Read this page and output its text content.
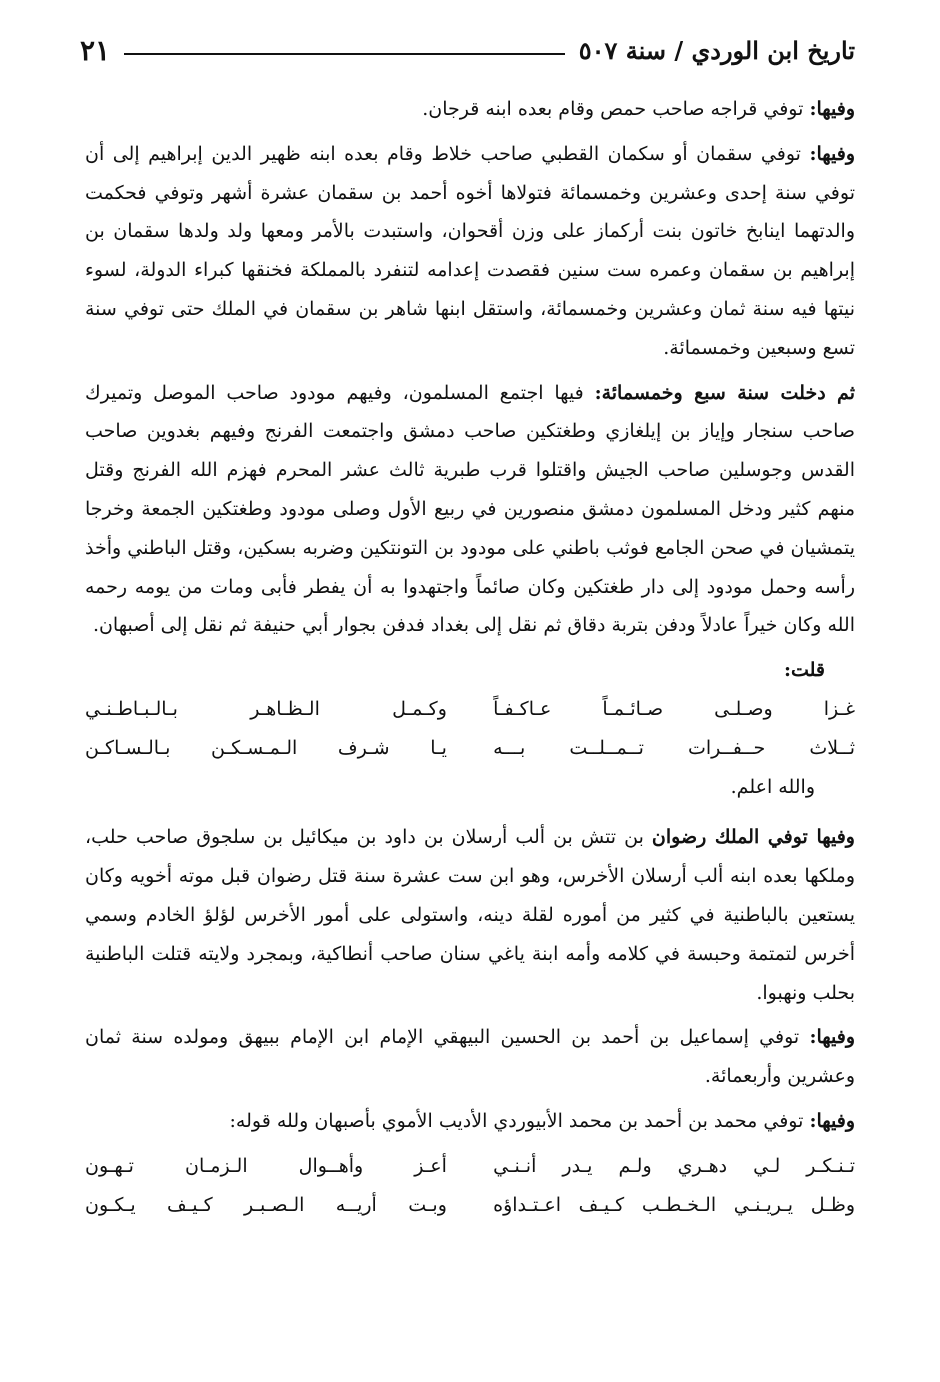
تاريخ ابن الوردي / سنة ٥٠٧
٢١

وفيها: توفي قراجه صاحب حمص وقام بعده ابنه قرجان.

وفيها: توفي سقمان أو سكمان القطبي صاحب خلاط وقام بعده ابنه ظهير الدين إبراهيم إلى أن توفي سنة إحدى وعشرين وخمسمائة فتولاها أخوه أحمد بن سقمان عشرة أشهر وتوفي فحكمت والدتهما اينابخ خاتون بنت أركماز على وزن أقحوان، واستبدت بالأمر ومعها ولد ولدها سقمان بن إبراهيم بن سقمان وعمره ست سنين فقصدت إعدامه لتنفرد بالمملكة فخنقها كبراء الدولة، لسوء نيتها فيه سنة ثمان وعشرين وخمسمائة، واستقل ابنها شاهر بن سقمان في الملك حتى توفي سنة تسع وسبعين وخمسمائة.

ثم دخلت سنة سبع وخمسمائة: فيها اجتمع المسلمون، وفيهم مودود صاحب الموصل وتميرك صاحب سنجار وإياز بن إيلغازي وطغتكين صاحب دمشق واجتمعت الفرنج وفيهم بغدوين صاحب القدس وجوسلين صاحب الجيش واقتلوا قرب طبرية ثالث عشر المحرم فهزم الله الفرنج وقتل منهم كثير ودخل المسلمون دمشق منصورين في ربيع الأول وصلى مودود وطغتكين الجمعة وخرجا يتمشيان في صحن الجامع فوثب باطني على مودود بن التونتكين وضربه بسكين، وقتل الباطني وأخذ رأسه وحمل مودود إلى دار طغتكين وكان صائماً واجتهدوا به أن يفطر فأبى ومات من يومه رحمه الله وكان خيراً عادلاً ودفن بتربة دقاق ثم نقل إلى بغداد فدفن بجوار أبي حنيفة ثم نقل إلى أصبهان.

قلت:

غـزا وصـلـى صـائـمـاً عـاكـفـاً
وكـمـل الـظـاهـر بـالـبـاطـنـي
ثــلاث حــفــرات تــمــلــت بـــه
يـا شـرف الـمـسـكـن بـالـسـاكـن

والله اعلم.

وفيها توفي الملك رضوان بن تتش بن ألب أرسلان بن داود بن ميكائيل بن سلجوق صاحب حلب، وملكها بعده ابنه ألب أرسلان الأخرس، وهو ابن ست عشرة سنة قتل رضوان قبل موته أخويه وكان يستعين بالباطنية في كثير من أموره لقلة دينه، واستولى على أمور الأخرس لؤلؤ الخادم وسمي أخرس لتمتمة وحبسة في كلامه وأمه ابنة ياغي سنان صاحب أنطاكية، وبمجرد ولايته قتلت الباطنية بحلب ونهبوا.

وفيها: توفي إسماعيل بن أحمد بن الحسين البيهقي الإمام ابن الإمام ببيهق ومولده سنة ثمان وعشرين وأربعمائة.

وفيها: توفي محمد بن أحمد بن محمد الأبيوردي الأديب الأموي بأصبهان ولله قوله:

تـنـكـر لـي دهـري ولـم يـدر أنـنـي
أعـز وأهــوال الـزمـان تـهـون
وظـل يـريـنـي الـخـطـب كـيـف اعـتـداؤه
وبـت أريــه الـصـبـر كـيـف يـكـون
